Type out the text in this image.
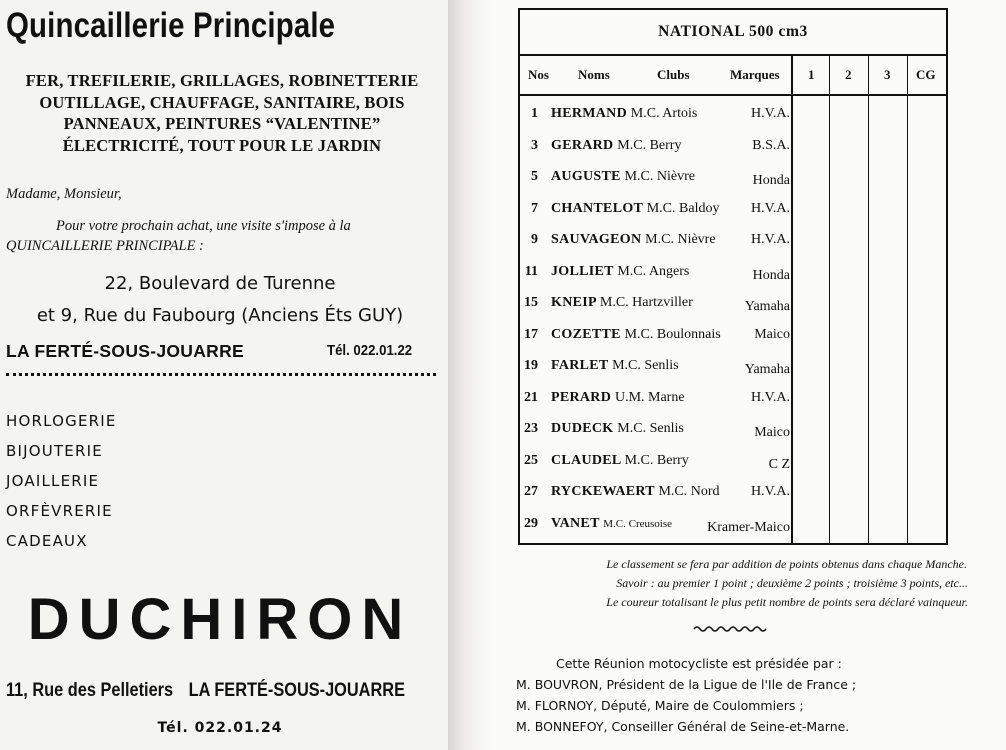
Quincaillerie Principale
FER, TREFILERIE, GRILLAGES, ROBINETTERIE
OUTILLAGE, CHAUFFAGE, SANITAIRE, BOIS
PANNEAUX, PEINTURES “VALENTINE”
ÉLECTRICITÉ, TOUT POUR LE JARDIN
Madame, Monsieur,
Pour votre prochain achat, une visite s'impose à la
QUINCAILLERIE PRINCIPALE :
22, Boulevard de Turenne
et 9, Rue du Faubourg (Anciens Éts GUY)
LA FERTÉ-SOUS-JOUARRE	Tél. 022.01.22
HORLOGERIE
BIJOUTERIE
JOAILLERIE
ORFÈVRERIE
CADEAUX
DUCHIRON
11, Rue des Pelletiers LA FERTÉ-SOUS-JOUARRE
Tél. 022.01.24
NATIONAL 500 cm3
Nos Noms	Clubs	Marques 1 2	3 CG
1 HERMAND M.C. Artois	H.V.A.
3 GERARD M.C. Berry	B.S.A.
5 AUGUSTE M.C. Nièvre	Honda
7 CHANTELOT M.C. Baldoy H.V.A.
9 SAUVAGEON M.C. Nièvre	H.V.A.
11 JOLLIET M.C. Angers	Honda
15 KNEIP M.C. Hartzviller	Yamaha
17 COZETTE M.C. Boulonnais Maico
19 FARLET M.C. Senlis	Yamaha
21 PERARD U.M. Marne	H.V.A.
23 DUDECK M.C. Senlis	Maico
25 CLAUDEL M.C. Berry	C Z
27 RYCKEWAERT M.C. Nord H.V.A.
29 VANET M.C. Creusoise	Kramer-Maico
Le classement se fera par addition de points obtenus dans chaque Manche.
Savoir : au premier 1 point ; deuxième 2 points ; troisième 3 points, etc...
Le coureur totalisant le plus petit nombre de points sera déclaré vainqueur.
Cette Réunion motocycliste est présidée par :
M. BOUVRON, Président de la Ligue de l'Ile de France ;
M. FLORNOY, Député, Maire de Coulommiers ;
M. BONNEFOY, Conseiller Général de Seine-et-Marne.
